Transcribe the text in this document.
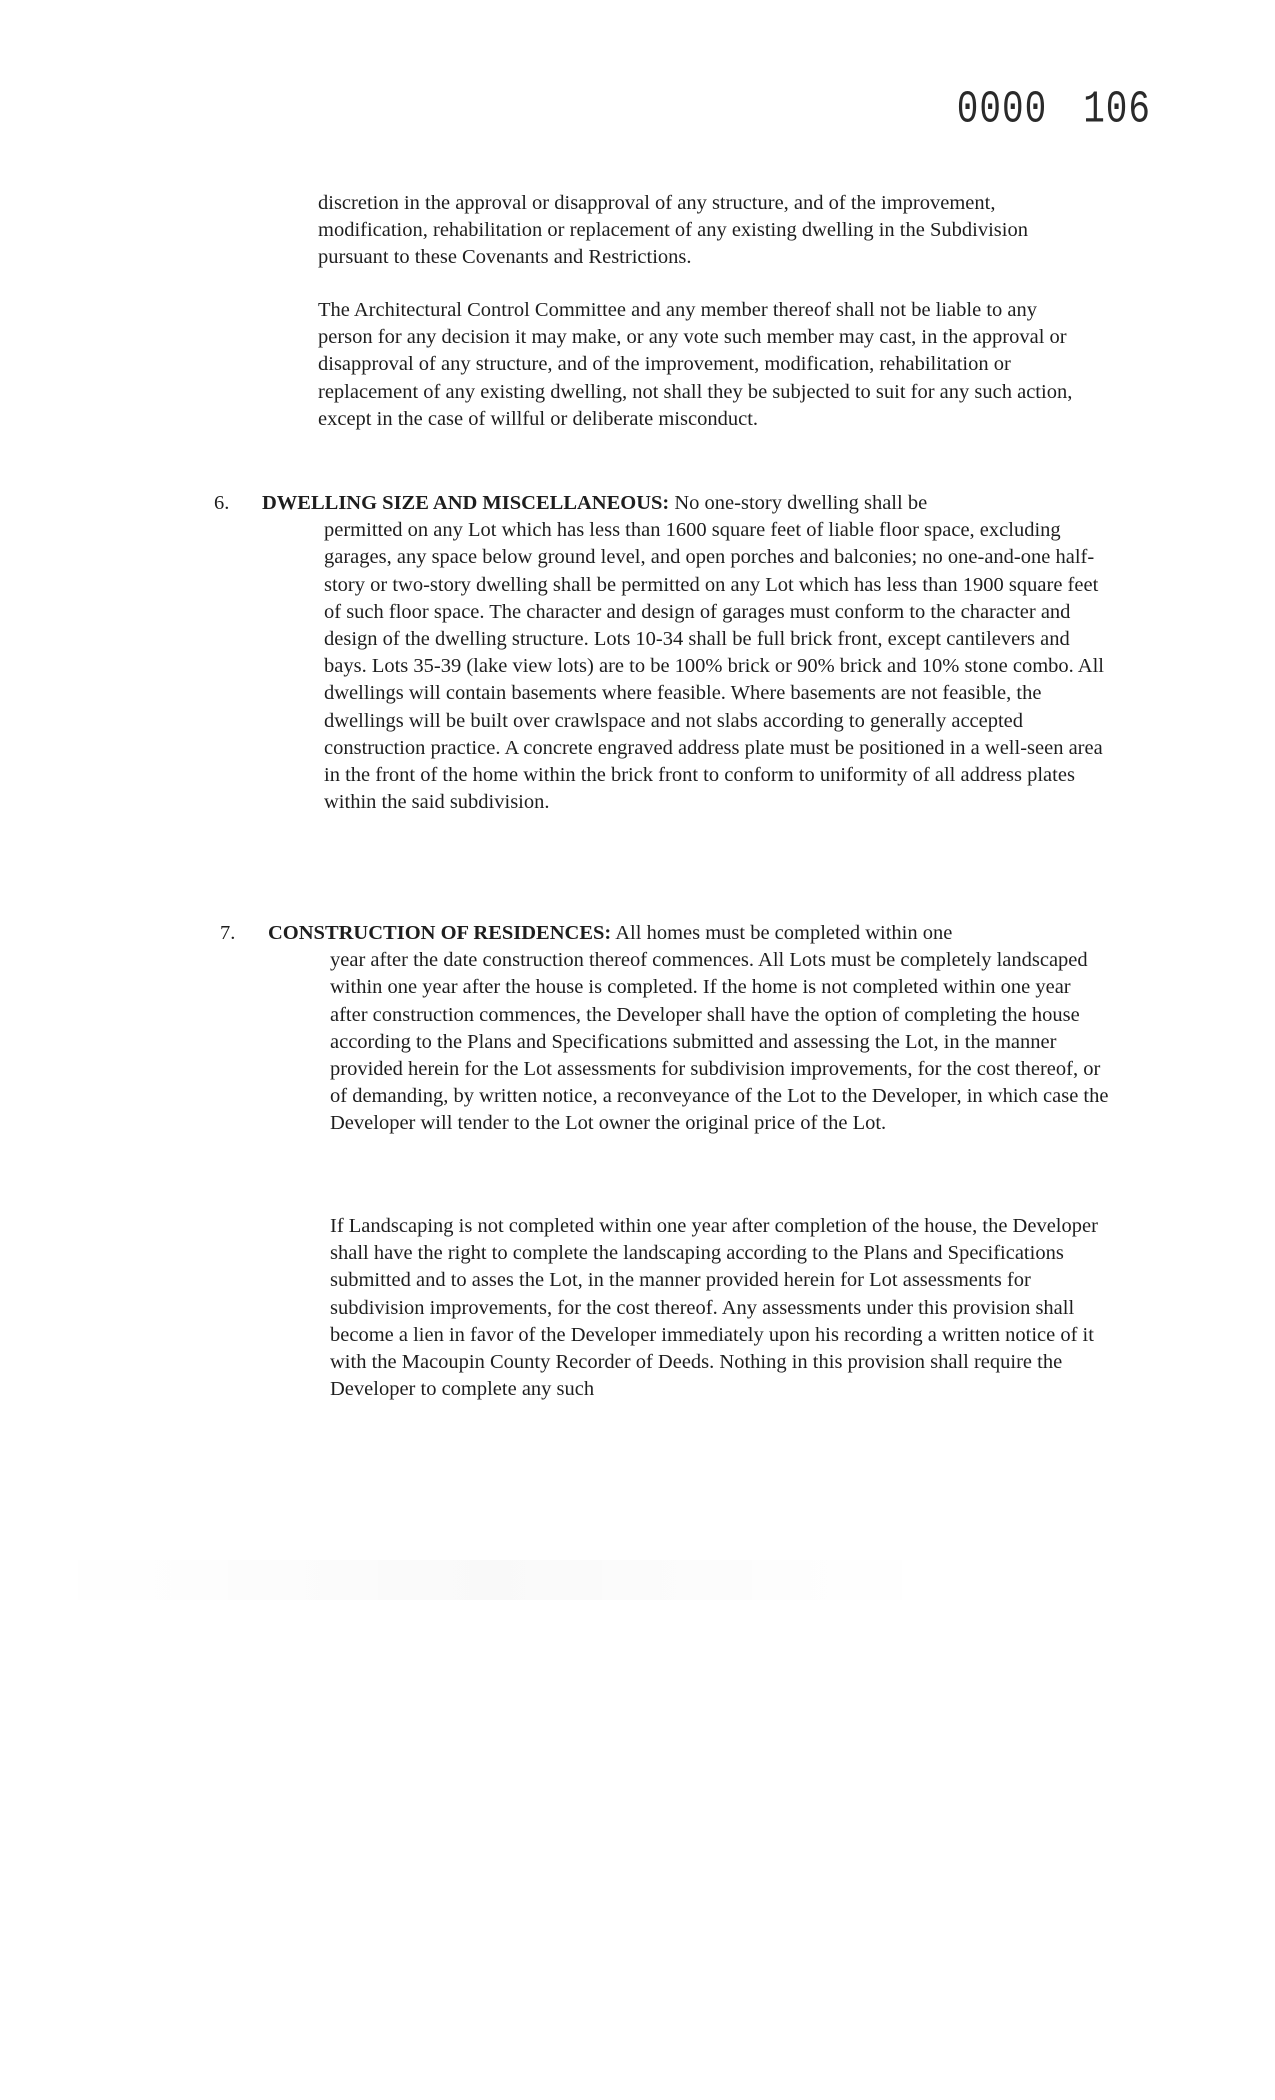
0000 106

discretion in the approval or disapproval of any structure, and of the improvement, modification, rehabilitation or replacement of any existing dwelling in the Subdivision pursuant to these Covenants and Restrictions.

The Architectural Control Committee and any member thereof shall not be liable to any person for any decision it may make, or any vote such member may cast, in the approval or disapproval of any structure, and of the improvement, modification, rehabilitation or replacement of any existing dwelling, not shall they be subjected to suit for any such action, except in the case of willful or deliberate misconduct.

6. DWELLING SIZE AND MISCELLANEOUS: No one-story dwelling shall be

permitted on any Lot which has less than 1600 square feet of liable floor space, excluding garages, any space below ground level, and open porches and balconies; no one-and-one half-story or two-story dwelling shall be permitted on any Lot which has less than 1900 square feet of such floor space. The character and design of garages must conform to the character and design of the dwelling structure. Lots 10-34 shall be full brick front, except cantilevers and bays. Lots 35-39 (lake view lots) are to be 100% brick or 90% brick and 10% stone combo. All dwellings will contain basements where feasible. Where basements are not feasible, the dwellings will be built over crawlspace and not slabs according to generally accepted construction practice. A concrete engraved address plate must be positioned in a well-seen area in the front of the home within the brick front to conform to uniformity of all address plates within the said subdivision.

7. CONSTRUCTION OF RESIDENCES: All homes must be completed within one

year after the date construction thereof commences. All Lots must be completely landscaped within one year after the house is completed. If the home is not completed within one year after construction commences, the Developer shall have the option of completing the house according to the Plans and Specifications submitted and assessing the Lot, in the manner provided herein for the Lot assessments for subdivision improvements, for the cost thereof, or of demanding, by written notice, a reconveyance of the Lot to the Developer, in which case the Developer will tender to the Lot owner the original price of the Lot.

If Landscaping is not completed within one year after completion of the house, the Developer shall have the right to complete the landscaping according to the Plans and Specifications submitted and to asses the Lot, in the manner provided herein for Lot assessments for subdivision improvements, for the cost thereof. Any assessments under this provision shall become a lien in favor of the Developer immediately upon his recording a written notice of it with the Macoupin County Recorder of Deeds. Nothing in this provision shall require the Developer to complete any such
